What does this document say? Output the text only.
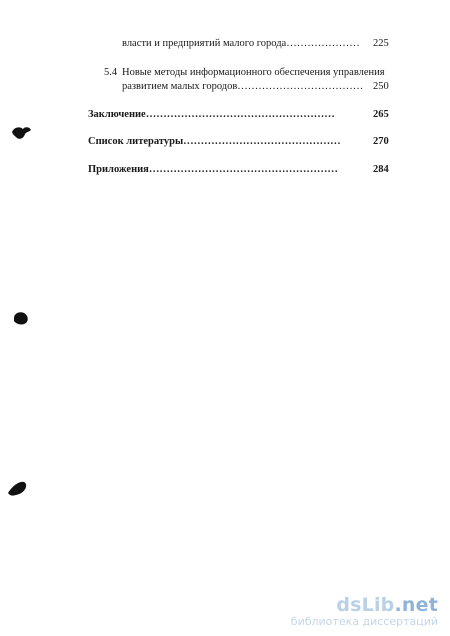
власти и предприятий малого города………………… 225
5.4 Новые методы информационного обеспечения управления
развитием малых городов……………………………… 250
Заключение………………………………………………	265
Список литературы………………………………………	270
Приложения………………………………………………	284
dsLib.net
библиотека диссертаций
